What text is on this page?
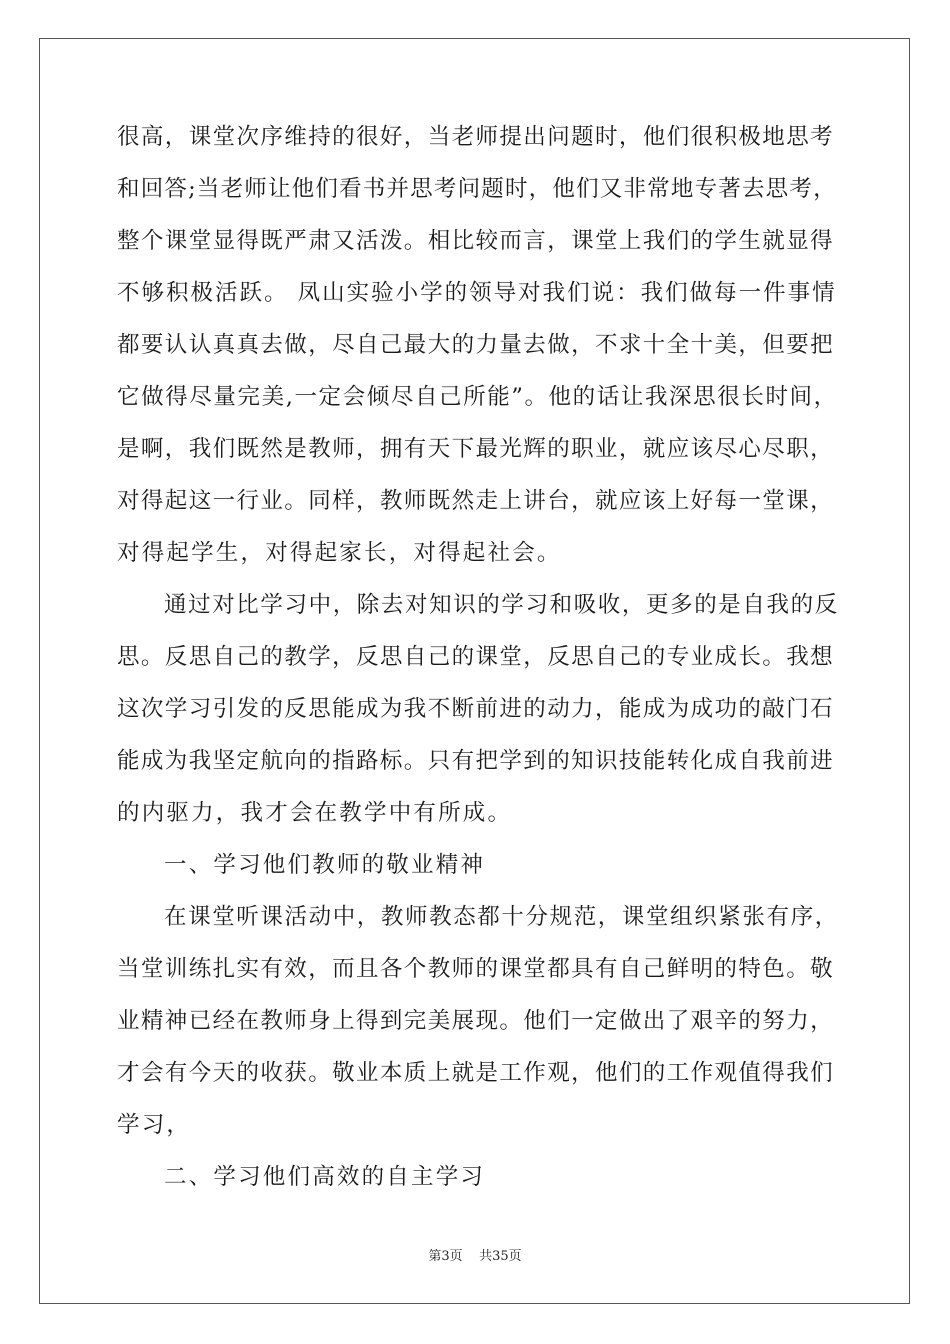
很高，课堂次序维持的很好，当老师提出问题时，他们很积极地思考
和回答;当老师让他们看书并思考问题时，他们又非常地专著去思考，
整个课堂显得既严肃又活泼。相比较而言，课堂上我们的学生就显得
不够积极活跃。 凤山实验小学的领导对我们说：我们做每一件事情
都要认认真真去做，尽自己最大的力量去做，不求十全十美，但要把
它做得尽量完美,一定会倾尽自己所能”。他的话让我深思很长时间，
是啊，我们既然是教师，拥有天下最光辉的职业，就应该尽心尽职，
对得起这一行业。同样，教师既然走上讲台，就应该上好每一堂课，
对得起学生，对得起家长，对得起社会。
通过对比学习中，除去对知识的学习和吸收，更多的是自我的反
思。反思自己的教学，反思自己的课堂，反思自己的专业成长。我想
这次学习引发的反思能成为我不断前进的动力，能成为成功的敲门石
能成为我坚定航向的指路标。只有把学到的知识技能转化成自我前进
的内驱力，我才会在教学中有所成。
一、学习他们教师的敬业精神
在课堂听课活动中，教师教态都十分规范，课堂组织紧张有序，
当堂训练扎实有效，而且各个教师的课堂都具有自己鲜明的特色。敬
业精神已经在教师身上得到完美展现。他们一定做出了艰辛的努力，
才会有今天的收获。敬业本质上就是工作观，他们的工作观值得我们
学习，
二、学习他们高效的自主学习
第3页 共35页
